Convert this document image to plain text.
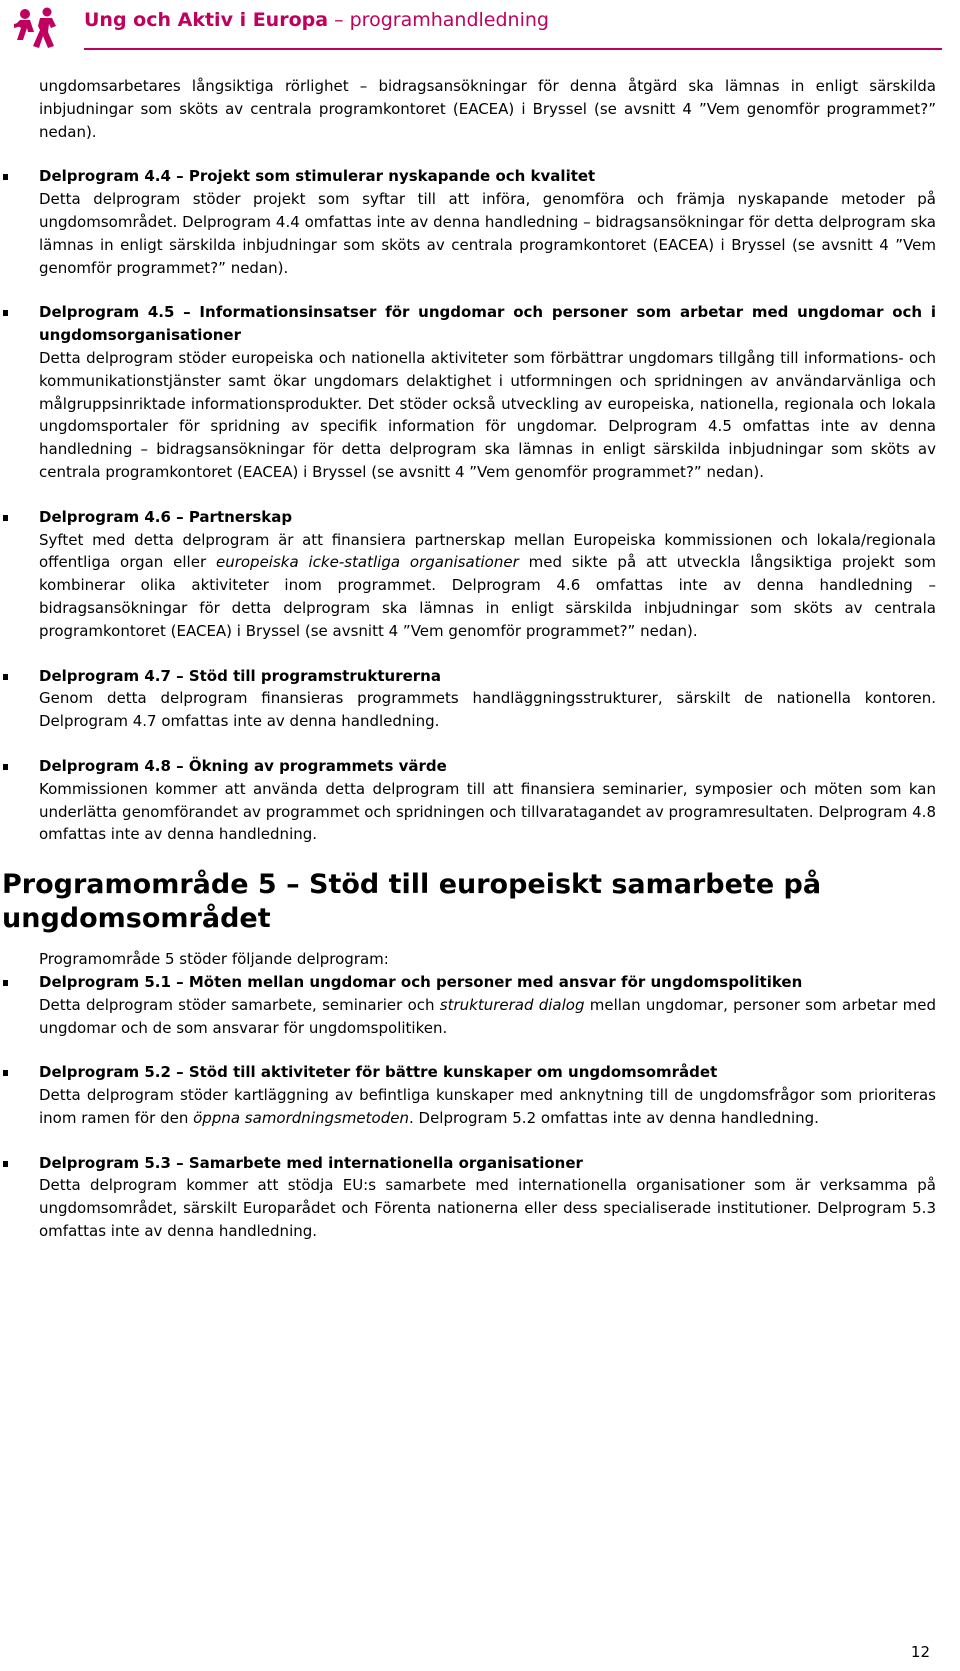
Ung och Aktiv i Europa – programhandledning

ungdomsarbetares långsiktiga rörlighet – bidragsansökningar för denna åtgärd ska lämnas in enligt särskilda inbjudningar som sköts av centrala programkontoret (EACEA) i Bryssel (se avsnitt 4 ”Vem genomför programmet?” nedan).

Delprogram 4.4 – Projekt som stimulerar nyskapande och kvalitet

Detta delprogram stöder projekt som syftar till att införa, genomföra och främja nyskapande metoder på ungdomsområdet. Delprogram 4.4 omfattas inte av denna handledning – bidragsansökningar för detta delprogram ska lämnas in enligt särskilda inbjudningar som sköts av centrala programkontoret (EACEA) i Bryssel (se avsnitt 4 ”Vem genomför programmet?” nedan).

Delprogram 4.5 – Informationsinsatser för ungdomar och personer som arbetar med ungdomar och i ungdomsorganisationer

Detta delprogram stöder europeiska och nationella aktiviteter som förbättrar ungdomars tillgång till informations- och kommunikationstjänster samt ökar ungdomars delaktighet i utformningen och spridningen av användarvänliga och målgruppsinriktade informationsprodukter. Det stöder också utveckling av europeiska, nationella, regionala och lokala ungdomsportaler för spridning av specifik information för ungdomar. Delprogram 4.5 omfattas inte av denna handledning – bidragsansökningar för detta delprogram ska lämnas in enligt särskilda inbjudningar som sköts av centrala programkontoret (EACEA) i Bryssel (se avsnitt 4 ”Vem genomför programmet?” nedan).

Delprogram 4.6 – Partnerskap

Syftet med detta delprogram är att finansiera partnerskap mellan Europeiska kommissionen och lokala/regionala offentliga organ eller europeiska icke-statliga organisationer med sikte på att utveckla långsiktiga projekt som kombinerar olika aktiviteter inom programmet. Delprogram 4.6 omfattas inte av denna handledning – bidragsansökningar för detta delprogram ska lämnas in enligt särskilda inbjudningar som sköts av centrala programkontoret (EACEA) i Bryssel (se avsnitt 4 ”Vem genomför programmet?” nedan).

Delprogram 4.7 – Stöd till programstrukturerna

Genom detta delprogram finansieras programmets handläggningsstrukturer, särskilt de nationella kontoren. Delprogram 4.7 omfattas inte av denna handledning.

Delprogram 4.8 – Ökning av programmets värde

Kommissionen kommer att använda detta delprogram till att finansiera seminarier, symposier och möten som kan underlätta genomförandet av programmet och spridningen och tillvaratagandet av programresultaten. Delprogram 4.8 omfattas inte av denna handledning.

Programområde 5 – Stöd till europeiskt samarbete på ungdomsområdet

Programområde 5 stöder följande delprogram:

Delprogram 5.1 – Möten mellan ungdomar och personer med ansvar för ungdomspolitiken

Detta delprogram stöder samarbete, seminarier och strukturerad dialog mellan ungdomar, personer som arbetar med ungdomar och de som ansvarar för ungdomspolitiken.

Delprogram 5.2 – Stöd till aktiviteter för bättre kunskaper om ungdomsområdet

Detta delprogram stöder kartläggning av befintliga kunskaper med anknytning till de ungdomsfrågor som prioriteras inom ramen för den öppna samordningsmetoden. Delprogram 5.2 omfattas inte av denna handledning.

Delprogram 5.3 – Samarbete med internationella organisationer

Detta delprogram kommer att stödja EU:s samarbete med internationella organisationer som är verksamma på ungdomsområdet, särskilt Europarådet och Förenta nationerna eller dess specialiserade institutioner. Delprogram 5.3 omfattas inte av denna handledning.

12
